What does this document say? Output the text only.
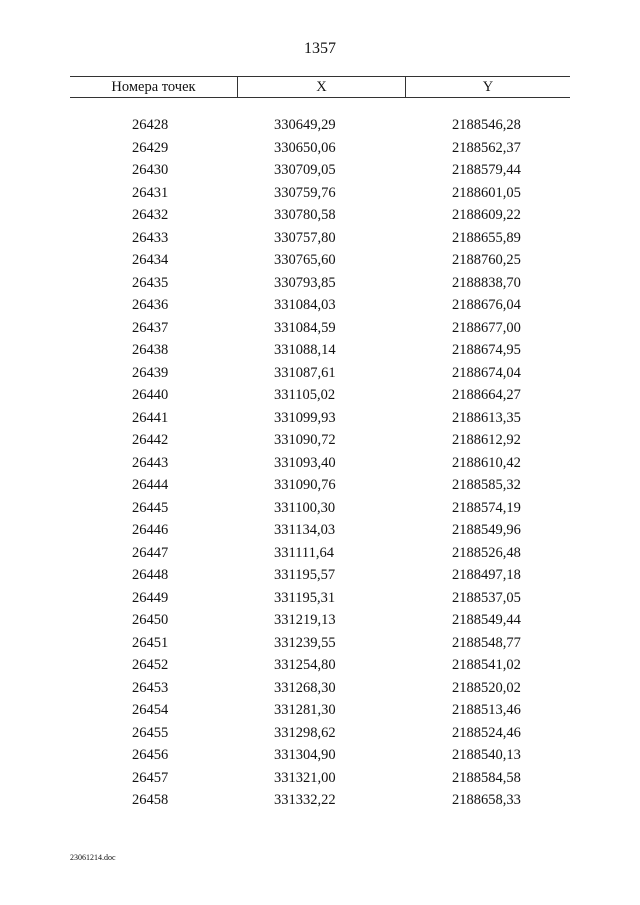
1357
Номера точек	X	Y
26428	330649,29	2188546,28
26429	330650,06	2188562,37
26430	330709,05	2188579,44
26431	330759,76	2188601,05
26432	330780,58	2188609,22
26433	330757,80	2188655,89
26434	330765,60	2188760,25
26435	330793,85	2188838,70
26436	331084,03	2188676,04
26437	331084,59	2188677,00
26438	331088,14	2188674,95
26439	331087,61	2188674,04
26440	331105,02	2188664,27
26441	331099,93	2188613,35
26442	331090,72	2188612,92
26443	331093,40	2188610,42
26444	331090,76	2188585,32
26445	331100,30	2188574,19
26446	331134,03	2188549,96
26447	331111,64	2188526,48
26448	331195,57	2188497,18
26449	331195,31	2188537,05
26450	331219,13	2188549,44
26451	331239,55	2188548,77
26452	331254,80	2188541,02
26453	331268,30	2188520,02
26454	331281,30	2188513,46
26455	331298,62	2188524,46
26456	331304,90	2188540,13
26457	331321,00	2188584,58
26458	331332,22	2188658,33
23061214.doc
